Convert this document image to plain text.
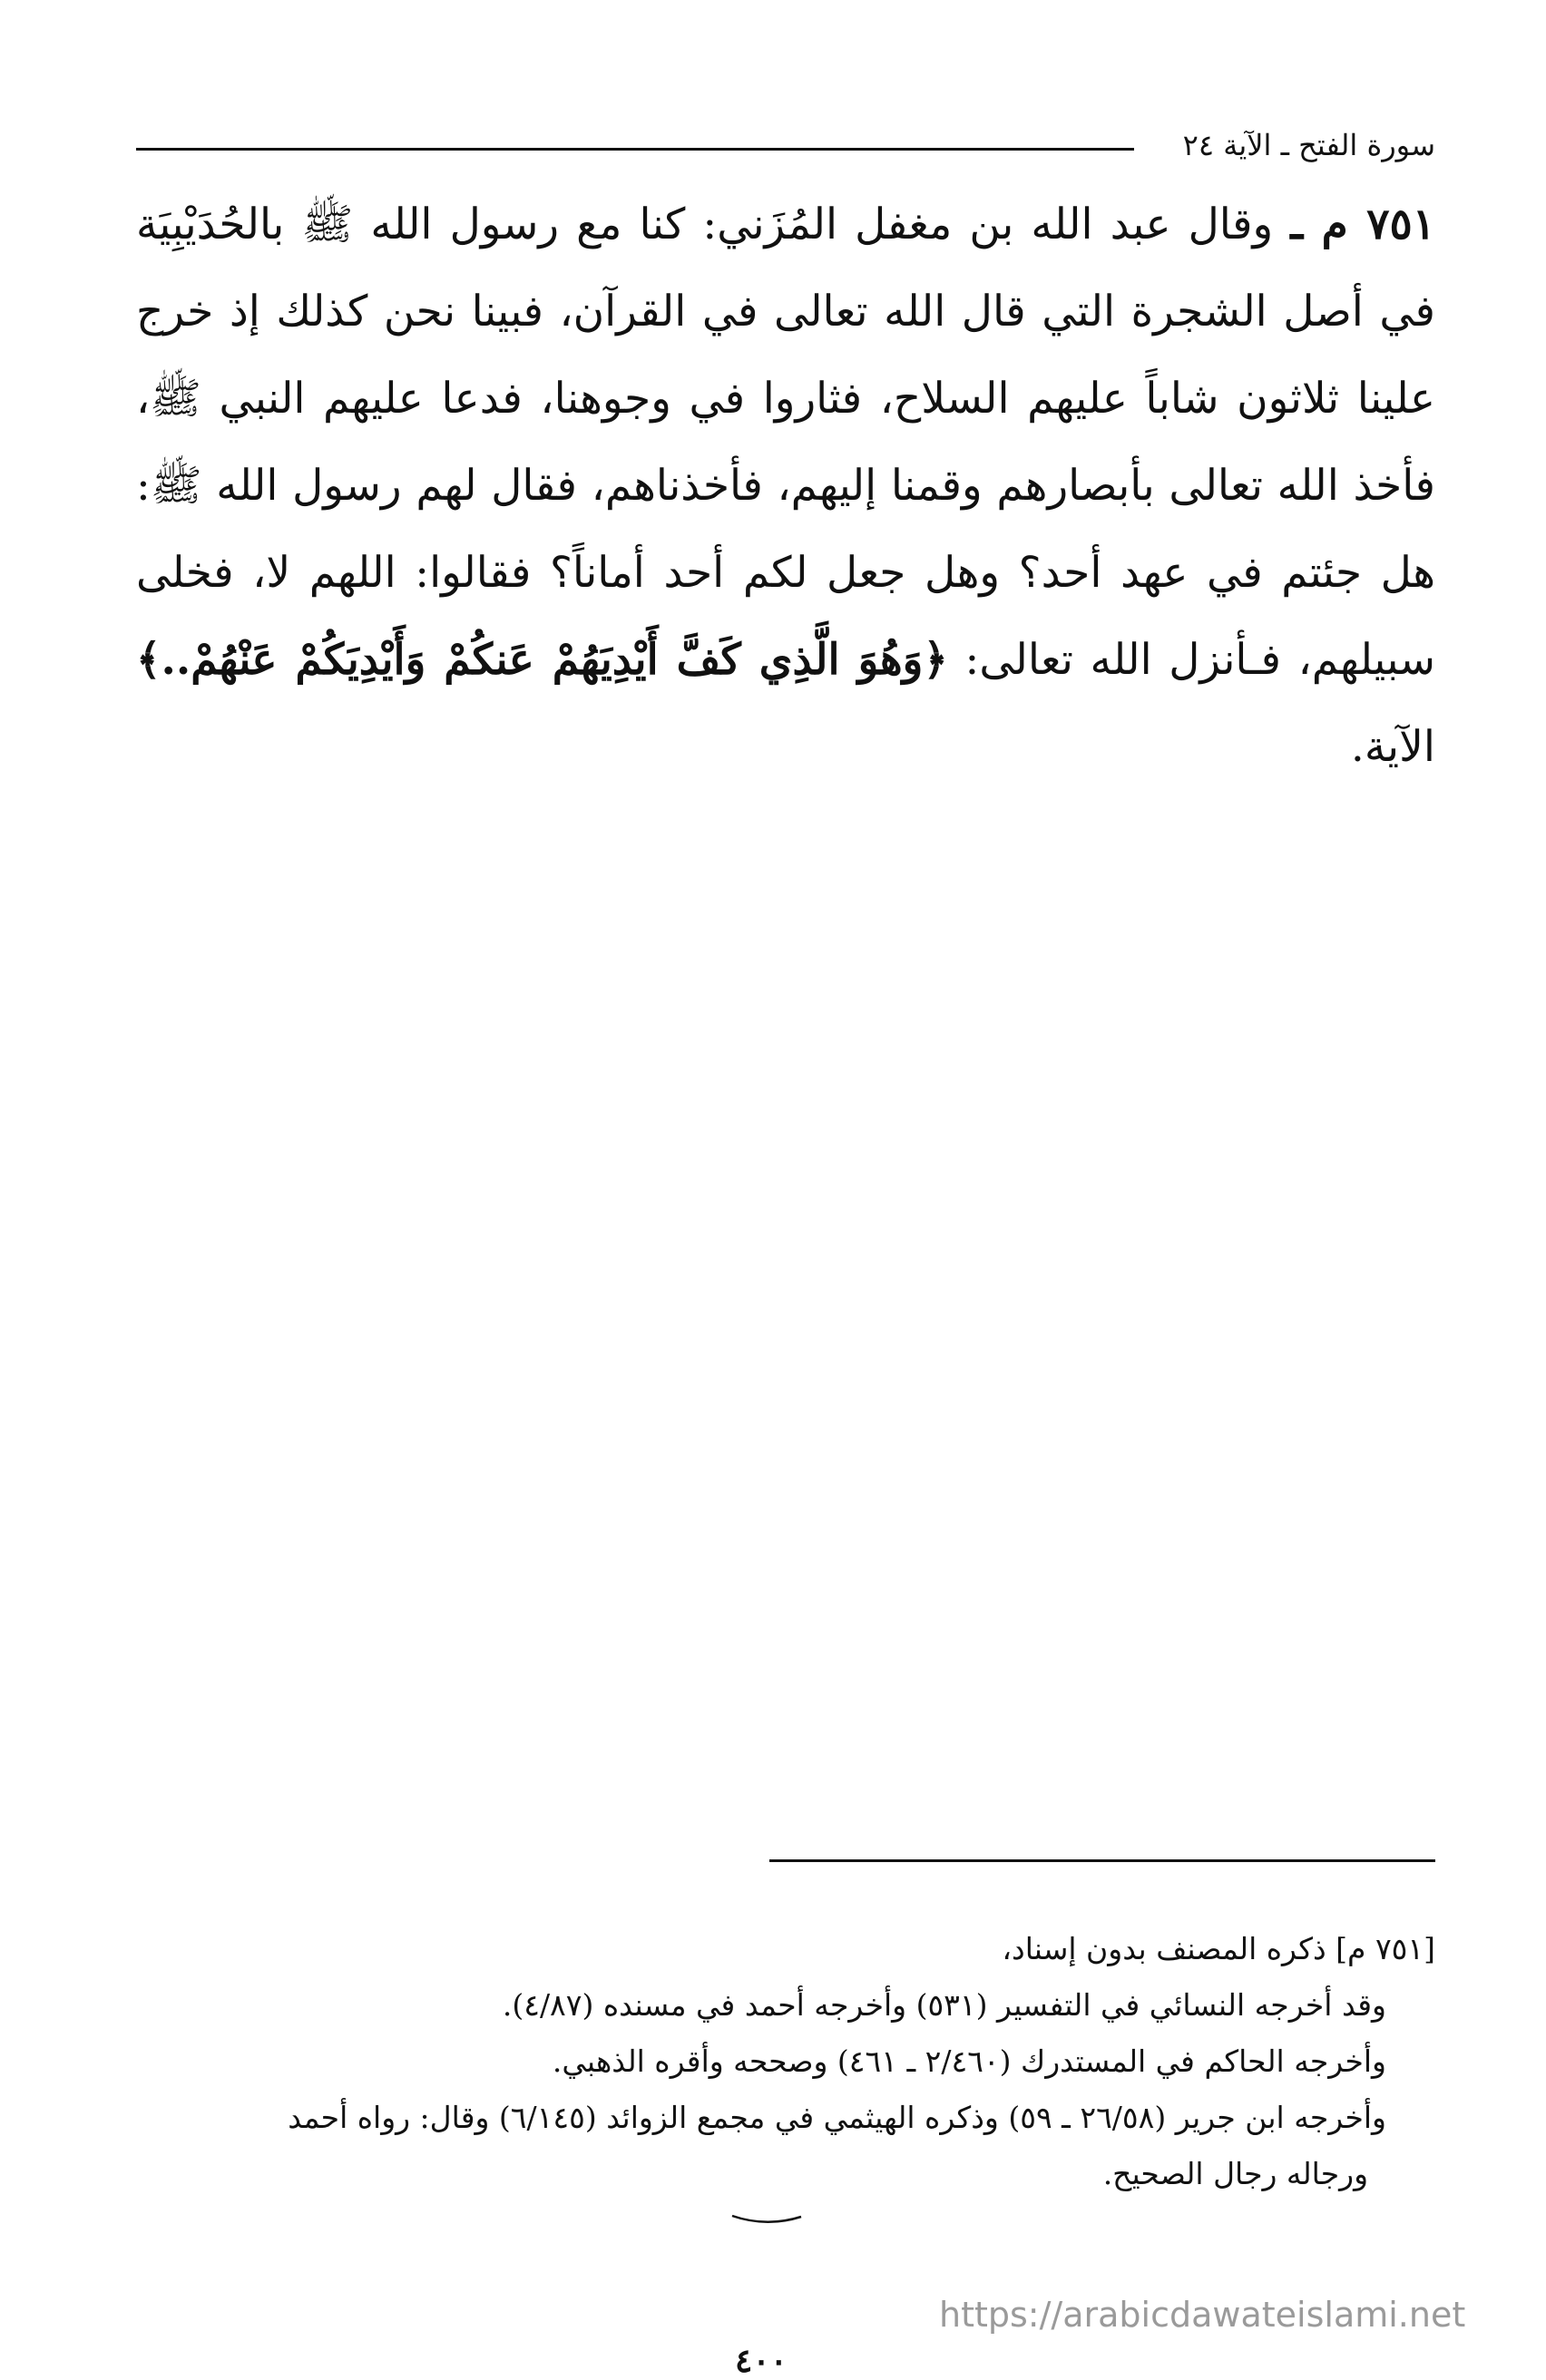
سورة الفتح ـ الآية ٢٤
٧٥١ م ـ وقال عبد الله بن مغفل المُزَني: كنا مع رسول الله ﷺ بالحُدَيْبِيَة في أصل الشجرة التي قال الله تعالى في القرآن، فبينا نحن كذلك إذ خرج علينا ثلاثون شاباً عليهم السلاح، فثاروا في وجوهنا، فدعا عليهم النبي ﷺ، فأخذ الله تعالى بأبصارهم وقمنا إليهم، فأخذناهم، فقال لهم رسول الله ﷺ: هل جئتم في عهد أحد؟ وهل جعل لكم أحد أماناً؟ فقالوا: اللهم لا، فخلى سبيلهم، فـأنزل الله تعالى: ﴿وَهُوَ الَّذِي كَفَّ أَيْدِيَهُمْ عَنكُمْ وَأَيْدِيَكُمْ عَنْهُمْ..﴾ الآية.

[٧٥١ م] ذكره المصنف بدون إسناد،

وقد أخرجه النسائي في التفسير (٥٣١) وأخرجه أحمد في مسنده (٤/٨٧).

وأخرجه الحاكم في المستدرك (٢/٤٦٠ ـ ٤٦١) وصححه وأقره الذهبي.

وأخرجه ابن جرير (٢٦/٥٨ ـ ٥٩) وذكره الهيثمي في مجمع الزوائد (٦/١٤٥) وقال: رواه أحمد

ورجاله رجال الصحيح.

https://arabicdawateislami.net
٤٠٠
